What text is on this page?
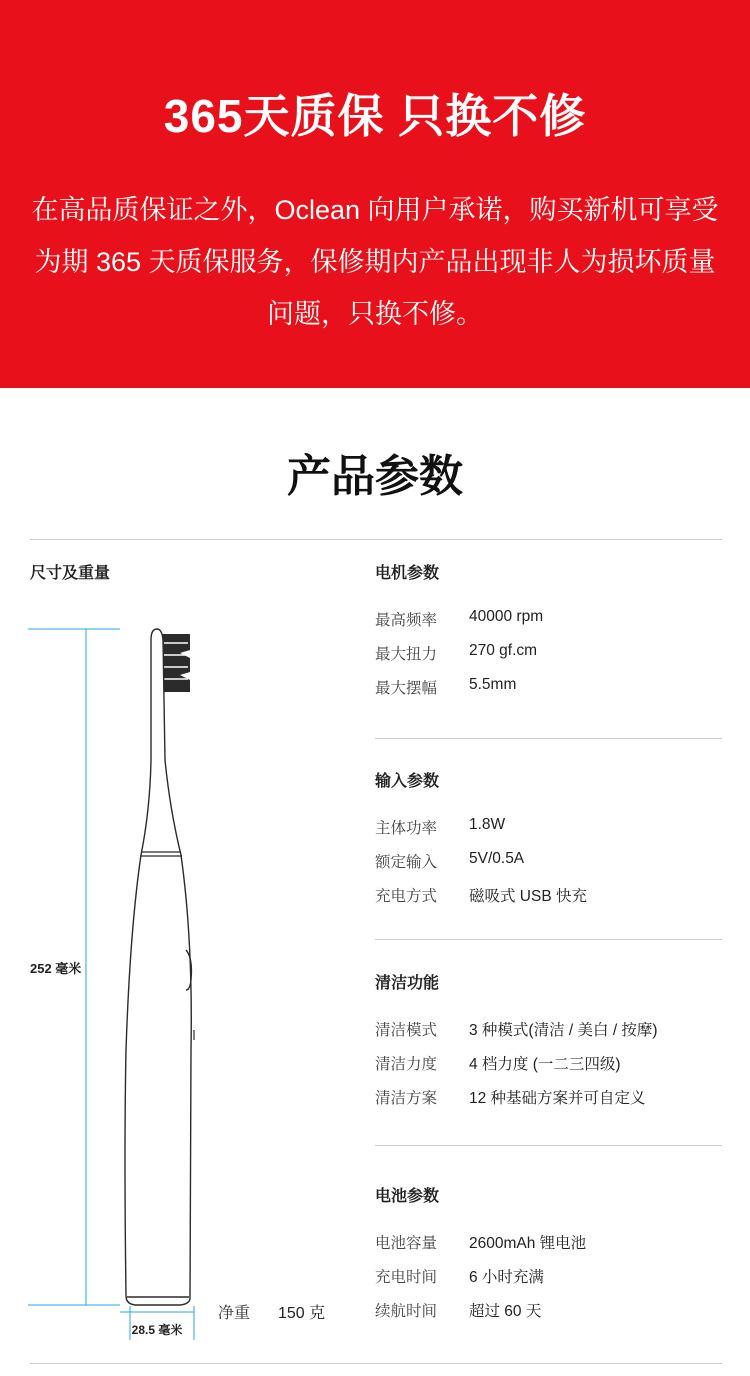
365天质保 只换不修
在高品质保证之外，Oclean 向用户承诺，购买新机可享受为期 365 天质保服务，保修期内产品出现非人为损坏质量问题，只换不修。
产品参数
尺寸及重量
252 毫米
28.5 毫米
净重 150 克
电机参数
最高频率 40000 rpm
最大扭力 270 gf.cm
最大摆幅 5.5mm
输入参数
主体功率 1.8W
额定输入 5V/0.5A
充电方式 磁吸式 USB 快充
清洁功能
清洁模式 3 种模式(清洁 / 美白 / 按摩)
清洁力度 4 档力度 (一二三四级)
清洁方案 12 种基础方案并可自定义
电池参数
电池容量 2600mAh 锂电池
充电时间 6 小时充满
续航时间 超过 60 天
